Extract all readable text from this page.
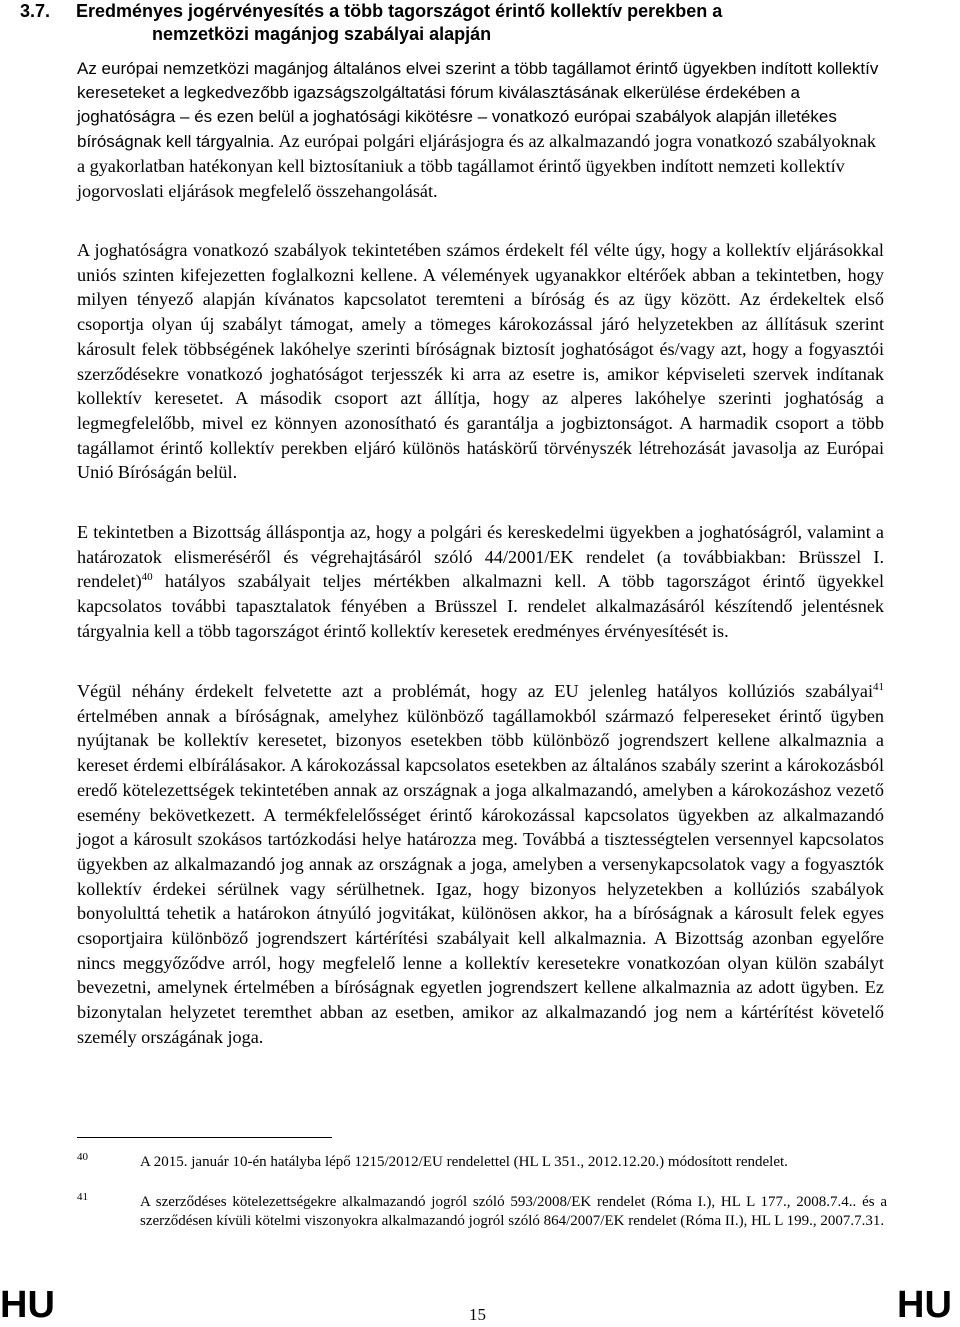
3.7. Eredményes jogérvényesítés a több tagországot érintő kollektív perekben a
nemzetközi magánjog szabályai alapján

Az európai nemzetközi magánjog általános elvei szerint a több tagállamot érintő ügyekben indított kollektív kereseteket a legkedvezőbb igazságszolgáltatási fórum kiválasztásának elkerülése érdekében a joghatóságra – és ezen belül a joghatósági kikötésre – vonatkozó európai szabályok alapján illetékes bíróságnak kell tárgyalnia. Az európai polgári eljárásjogra és az alkalmazandó jogra vonatkozó szabályoknak a gyakorlatban hatékonyan kell biztosítaniuk a több tagállamot érintő ügyekben indított nemzeti kollektív jogorvoslati eljárások megfelelő összehangolását.

A joghatóságra vonatkozó szabályok tekintetében számos érdekelt fél vélte úgy, hogy a kollektív eljárásokkal uniós szinten kifejezetten foglalkozni kellene. A vélemények ugyanakkor eltérőek abban a tekintetben, hogy milyen tényező alapján kívánatos kapcsolatot teremteni a bíróság és az ügy között. Az érdekeltek első csoportja olyan új szabályt támogat, amely a tömeges károkozással járó helyzetekben az állításuk szerint károsult felek többségének lakóhelye szerinti bíróságnak biztosít joghatóságot és/vagy azt, hogy a fogyasztói szerződésekre vonatkozó joghatóságot terjesszék ki arra az esetre is, amikor képviseleti szervek indítanak kollektív keresetet. A második csoport azt állítja, hogy az alperes lakóhelye szerinti joghatóság a legmegfelelőbb, mivel ez könnyen azonosítható és garantálja a jogbiztonságot. A harmadik csoport a több tagállamot érintő kollektív perekben eljáró különös hatáskörű törvényszék létrehozását javasolja az Európai Unió Bíróságán belül.

E tekintetben a Bizottság álláspontja az, hogy a polgári és kereskedelmi ügyekben a joghatóságról, valamint a határozatok elismeréséről és végrehajtásáról szóló 44/2001/EK rendelet (a továbbiakban: Brüsszel I. rendelet)$^{40}$ hatályos szabályait teljes mértékben alkalmazni kell. A több tagországot érintő ügyekkel kapcsolatos további tapasztalatok fényében a Brüsszel I. rendelet alkalmazásáról készítendő jelentésnek tárgyalnia kell a több tagországot érintő kollektív keresetek eredményes érvényesítését is.

Végül néhány érdekelt felvetette azt a problémát, hogy az EU jelenleg hatályos kollúziós szabályai$^{41}$ értelmében annak a bíróságnak, amelyhez különböző tagállamokból származó felpereseket érintő ügyben nyújtanak be kollektív keresetet, bizonyos esetekben több különböző jogrendszert kellene alkalmaznia a kereset érdemi elbírálásakor. A károkozással kapcsolatos esetekben az általános szabály szerint a károkozásból eredő kötelezettségek tekintetében annak az országnak a joga alkalmazandó, amelyben a károkozáshoz vezető esemény bekövetkezett. A termékfelelősséget érintő károkozással kapcsolatos ügyekben az alkalmazandó jogot a károsult szokásos tartózkodási helye határozza meg. Továbbá a tisztességtelen versennyel kapcsolatos ügyekben az alkalmazandó jog annak az országnak a joga, amelyben a versenykapcsolatok vagy a fogyasztók kollektív érdekei sérülnek vagy sérülhetnek. Igaz, hogy bizonyos helyzetekben a kollúziós szabályok bonyolulttá tehetik a határokon átnyúló jogvitákat, különösen akkor, ha a bíróságnak a károsult felek egyes csoportjaira különböző jogrendszert kártérítési szabályait kell alkalmaznia. A Bizottság azonban egyelőre nincs meggyőződve arról, hogy megfelelő lenne a kollektív keresetekre vonatkozóan olyan külön szabályt bevezetni, amelynek értelmében a bíróságnak egyetlen jogrendszert kellene alkalmaznia az adott ügyben. Ez bizonytalan helyzetet teremthet abban az esetben, amikor az alkalmazandó jog nem a kártérítést követelő személy országának joga.

40	A 2015. január 10-én hatályba lépő 1215/2012/EU rendelettel (HL L 351., 2012.12.20.) módosított rendelet.
41	A szerződéses kötelezettségekre alkalmazandó jogról szóló 593/2008/EK rendelet (Róma I.), HL L 177., 2008.7.4.. és a szerződésen kívüli kötelmi viszonyokra alkalmazandó jogról szóló 864/2007/EK rendelet (Róma II.), HL L 199., 2007.7.31.
HU	15	HU
